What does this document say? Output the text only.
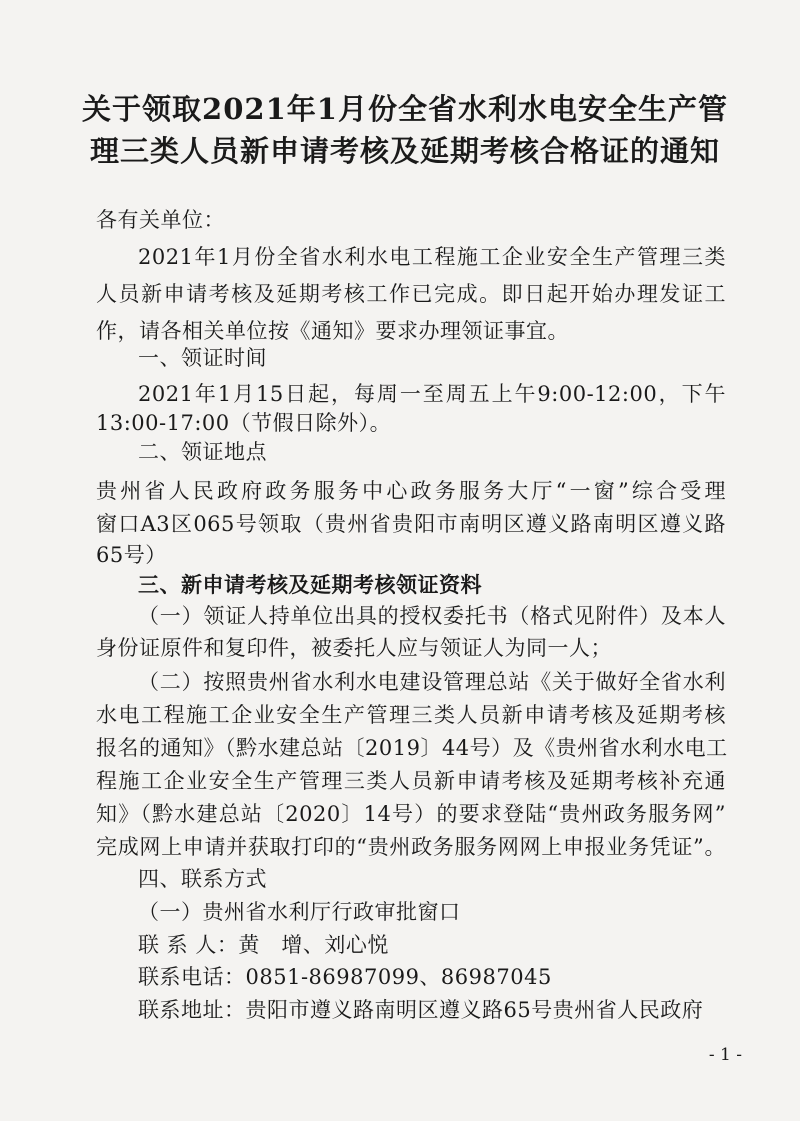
关于领取2021年1月份全省水利水电安全生产管
理三类人员新申请考核及延期考核合格证的通知
各有关单位：
2021年1月份全省水利水电工程施工企业安全生产管理三类
人员新申请考核及延期考核工作已完成。即日起开始办理发证工
作，请各相关单位按《通知》要求办理领证事宜。
一、领证时间
2021年1月15日起，每周一至周五上午9:00-12:00，下午
13:00-17:00（节假日除外）。
二、领证地点
贵州省人民政府政务服务中心政务服务大厅“一窗”综合受理
窗口A3区065号领取（贵州省贵阳市南明区遵义路南明区遵义路
65号）
三、新申请考核及延期考核领证资料
（一）领证人持单位出具的授权委托书（格式见附件）及本人
身份证原件和复印件，被委托人应与领证人为同一人；
（二）按照贵州省水利水电建设管理总站《关于做好全省水利
水电工程施工企业安全生产管理三类人员新申请考核及延期考核
报名的通知》（黔水建总站〔2019〕44号）及《贵州省水利水电工
程施工企业安全生产管理三类人员新申请考核及延期考核补充通
知》（黔水建总站〔2020〕14号）的要求登陆“贵州政务服务网”
完成网上申请并获取打印的“贵州政务服务网网上申报业务凭证”。
四、联系方式
（一）贵州省水利厅行政审批窗口
联 系 人：黄　增、刘心悦
联系电话：0851-86987099、86987045
联系地址：贵阳市遵义路南明区遵义路65号贵州省人民政府
- 1 -
